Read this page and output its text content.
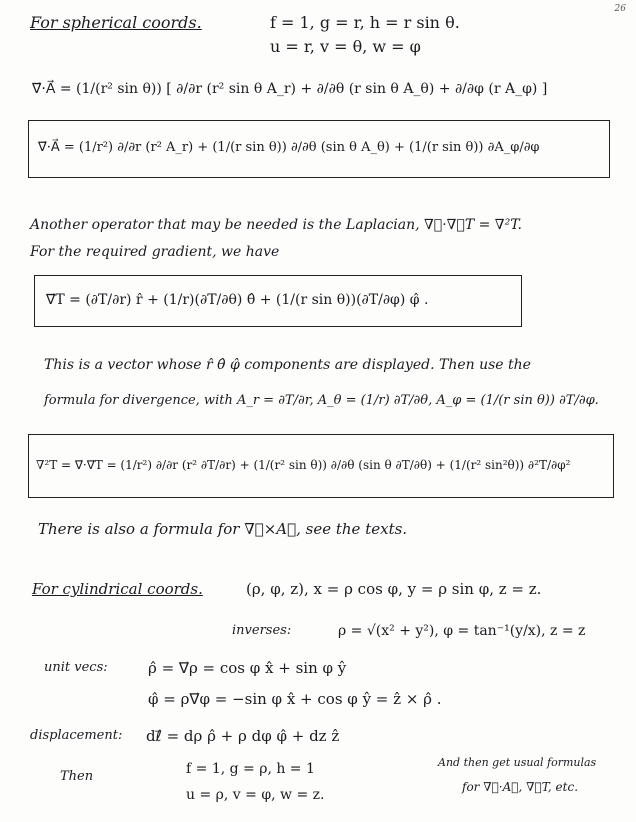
26
For spherical coords.	f = 1, g = r, h = r sin θ.
u = r, v = θ, w = φ
∇⃗·A⃗ = (1/(r² sin θ)) [ ∂/∂r (r² sin θ A_r) + ∂/∂θ (r sin θ A_θ) + ∂/∂φ (r A_φ) ]
∇⃗·A⃗ = (1/r²) ∂/∂r (r² A_r) + (1/(r sin θ)) ∂/∂θ (sin θ A_θ) + (1/(r sin θ)) ∂A_φ/∂φ
Another operator that may be needed is the Laplacian, ∇⃗·∇⃗T = ∇²T.
For the required gradient, we have
∇⃗T = (∂T/∂r) r̂ + (1/r)(∂T/∂θ) θ̂ + (1/(r sin θ))(∂T/∂φ) φ̂ .
This is a vector whose r̂ θ̂ φ̂ components are displayed. Then use the
formula for divergence, with A_r = ∂T/∂r, A_θ = (1/r) ∂T/∂θ, A_φ = (1/(r sin θ)) ∂T/∂φ.
∇²T = ∇⃗·∇⃗T = (1/r²) ∂/∂r (r² ∂T/∂r) + (1/(r² sin θ)) ∂/∂θ (sin θ ∂T/∂θ) + (1/(r² sin²θ)) ∂²T/∂φ²
There is also a formula for ∇⃗×A⃗, see the texts.
For cylindrical coords.	(ρ, φ, z), x = ρ cos φ, y = ρ sin φ, z = z.
inverses:	ρ = √(x² + y²), φ = tan⁻¹(y/x), z = z
unit vecs:	ρ̂ = ∇⃗ρ = cos φ x̂ + sin φ ŷ
φ̂ = ρ∇⃗φ = −sin φ x̂ + cos φ ŷ = ẑ × ρ̂ .
displacement: dℓ⃗ = dρ ρ̂ + ρ dφ φ̂ + dz ẑ
Then	f = 1, g = ρ, h = 1
u = ρ, v = φ, w = z.
And then get usual formulas
for ∇⃗·A⃗, ∇⃗T, etc.
